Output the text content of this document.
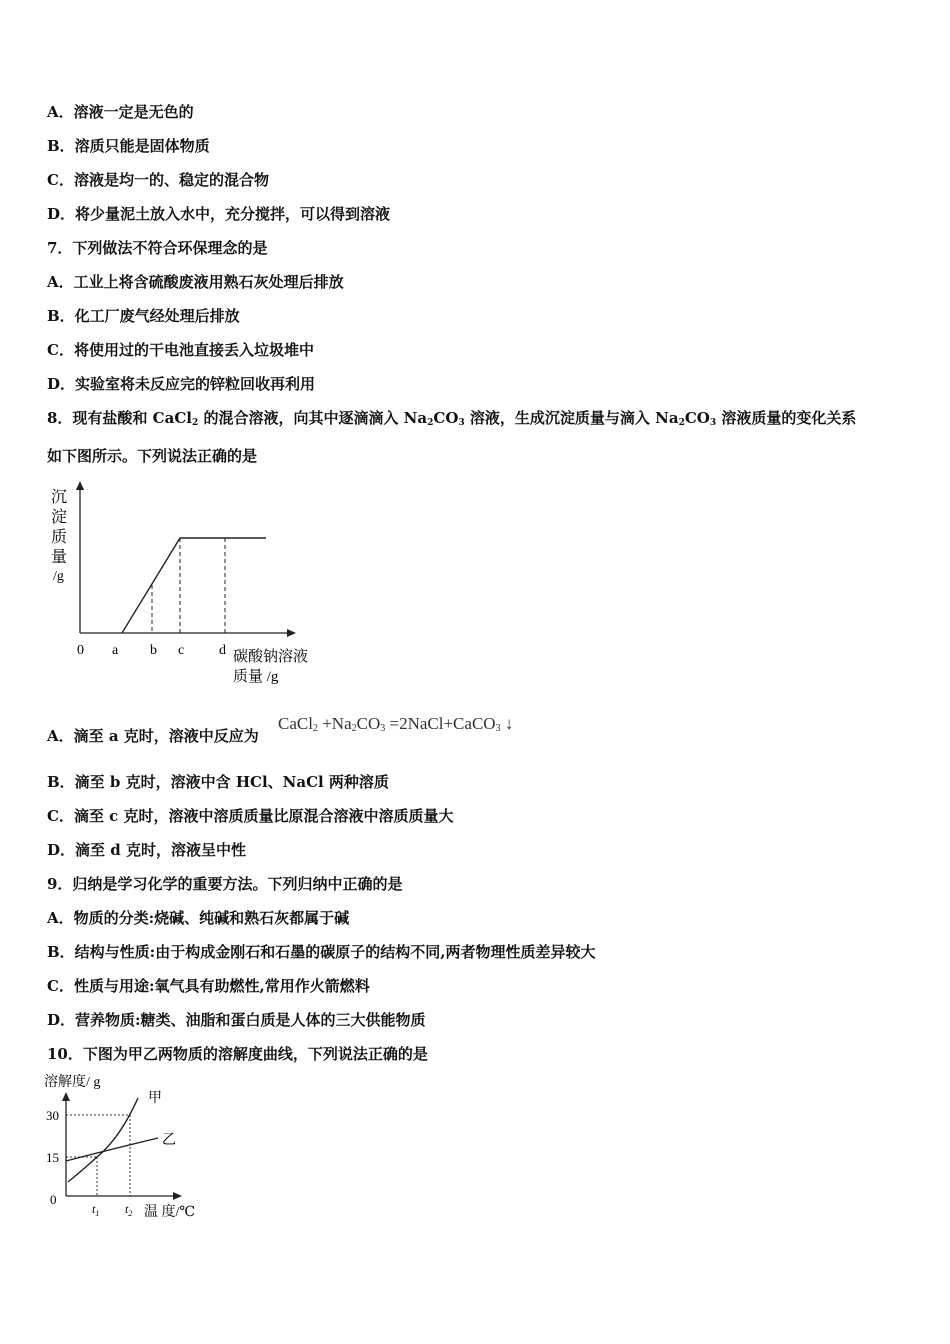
A．溶液一定是无色的
B．溶质只能是固体物质
C．溶液是均一的、稳定的混合物
D．将少量泥土放入水中，充分搅拌，可以得到溶液
7．下列做法不符合环保理念的是
A．工业上将含硫酸废液用熟石灰处理后排放
B．化工厂废气经处理后排放
C．将使用过的干电池直接丢入垃圾堆中
D．实验室将未反应完的锌粒回收再利用
8．现有盐酸和 CaCl$_2$ 的混合溶液，向其中逐滴滴入 $Na_2CO_3$ 溶液，生成沉淀质量与滴入 $Na_2CO_3$ 溶液质量的变化关系
如下图所示。下列说法正确的是
沉
淀
质
量
/g
0 a b c d 碳酸钠溶液
质量 /g
A．滴至 a 克时，溶液中反应为
CaCl$_2$ $+Na_2CO_3$ =2NaCl+CaCO$_3$ ↓
B．滴至 b 克时，溶液中含 HCl、NaCl 两种溶质
C．滴至 c 克时，溶液中溶质质量比原混合溶液中溶质质量大
D．滴至 d 克时，溶液呈中性
9．归纳是学习化学的重要方法。下列归纳中正确的是
A．物质的分类:烧碱、纯碱和熟石灰都属于碱
B．结构与性质:由于构成金刚石和石墨的碳原子的结构不同,两者物理性质差异较大
C．性质与用途:氧气具有助燃性,常用作火箭燃料
D．营养物质:糖类、油脂和蛋白质是人体的三大供能物质
10．下图为甲乙两物质的溶解度曲线，下列说法正确的是
溶解度/ g
30
15
0
甲
乙
$t_1$ $t_2$ 温 度/℃
